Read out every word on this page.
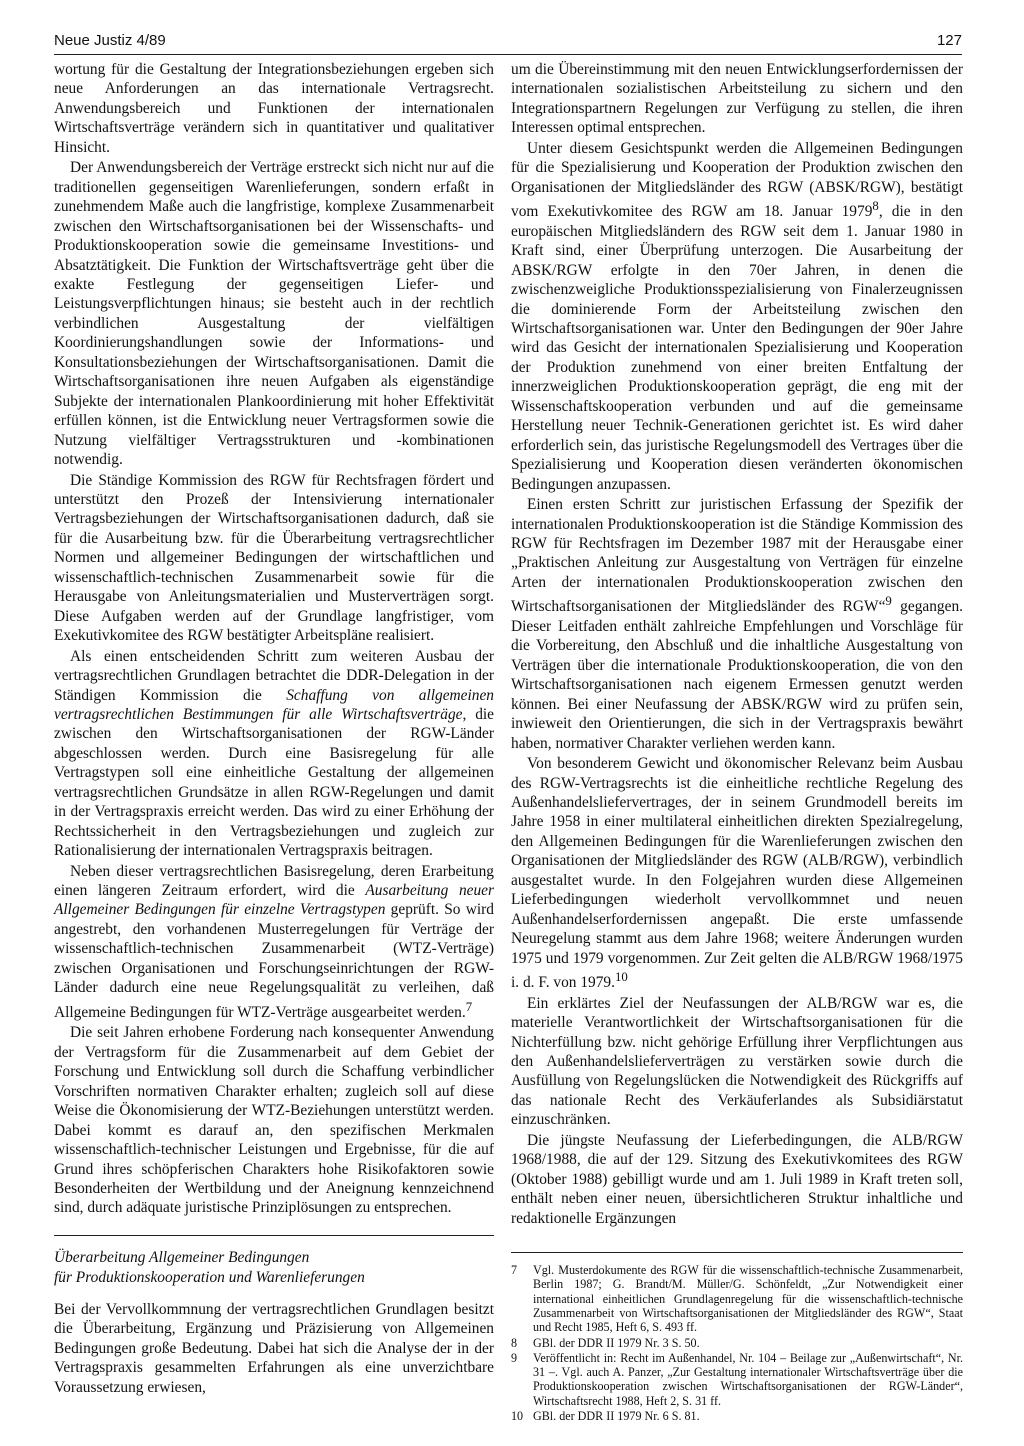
Neue Justiz 4/89	127

wortung für die Gestaltung der Integrationsbeziehungen ergeben sich neue Anforderungen an das internationale Vertragsrecht. Anwendungsbereich und Funktionen der internationalen Wirtschaftsverträge verändern sich in quantitativer und qualitativer Hinsicht.

Der Anwendungsbereich der Verträge erstreckt sich nicht nur auf die traditionellen gegenseitigen Warenlieferungen, sondern erfaßt in zunehmendem Maße auch die langfristige, komplexe Zusammenarbeit zwischen den Wirtschaftsorganisationen bei der Wissenschafts- und Produktionskooperation sowie die gemeinsame Investitions- und Absatztätigkeit. Die Funktion der Wirtschaftsverträge geht über die exakte Festlegung der gegenseitigen Liefer- und Leistungsverpflichtungen hinaus; sie besteht auch in der rechtlich verbindlichen Ausgestaltung der vielfältigen Koordinierungshandlungen sowie der Informations- und Konsultationsbeziehungen der Wirtschaftsorganisationen. Damit die Wirtschaftsorganisationen ihre neuen Aufgaben als eigenständige Subjekte der internationalen Plankoordinierung mit hoher Effektivität erfüllen können, ist die Entwicklung neuer Vertragsformen sowie die Nutzung vielfältiger Vertragsstrukturen und -kombinationen notwendig.

Die Ständige Kommission des RGW für Rechtsfragen fördert und unterstützt den Prozeß der Intensivierung internationaler Vertragsbeziehungen der Wirtschaftsorganisationen dadurch, daß sie für die Ausarbeitung bzw. für die Überarbeitung vertragsrechtlicher Normen und allgemeiner Bedingungen der wirtschaftlichen und wissenschaftlich-technischen Zusammenarbeit sowie für die Herausgabe von Anleitungsmaterialien und Musterverträgen sorgt. Diese Aufgaben werden auf der Grundlage langfristiger, vom Exekutivkomitee des RGW bestätigter Arbeitspläne realisiert.

Als einen entscheidenden Schritt zum weiteren Ausbau der vertragsrechtlichen Grundlagen betrachtet die DDR-Delegation in der Ständigen Kommission die Schaffung von allgemeinen vertragsrechtlichen Bestimmungen für alle Wirtschaftsverträge, die zwischen den Wirtschaftsorganisationen der RGW-Länder abgeschlossen werden. Durch eine Basisregelung für alle Vertragstypen soll eine einheitliche Gestaltung der allgemeinen vertragsrechtlichen Grundsätze in allen RGW-Regelungen und damit in der Vertragspraxis erreicht werden. Das wird zu einer Erhöhung der Rechtssicherheit in den Vertragsbeziehungen und zugleich zur Rationalisierung der internationalen Vertragspraxis beitragen.

Neben dieser vertragsrechtlichen Basisregelung, deren Erarbeitung einen längeren Zeitraum erfordert, wird die Ausarbeitung neuer Allgemeiner Bedingungen für einzelne Vertragstypen geprüft. So wird angestrebt, den vorhandenen Musterregelungen für Verträge der wissenschaftlich-technischen Zusammenarbeit (WTZ-Verträge) zwischen Organisationen und Forschungseinrichtungen der RGW-Länder dadurch eine neue Regelungsqualität zu verleihen, daß Allgemeine Bedingungen für WTZ-Verträge ausgearbeitet werden.$^7$

Die seit Jahren erhobene Forderung nach konsequenter Anwendung der Vertragsform für die Zusammenarbeit auf dem Gebiet der Forschung und Entwicklung soll durch die Schaffung verbindlicher Vorschriften normativen Charakter erhalten; zugleich soll auf diese Weise die Ökonomisierung der WTZ-Beziehungen unterstützt werden. Dabei kommt es darauf an, den spezifischen Merkmalen wissenschaftlich-technischer Leistungen und Ergebnisse, für die auf Grund ihres schöpferischen Charakters hohe Risikofaktoren sowie Besonderheiten der Wertbildung und der Aneignung kennzeichnend sind, durch adäquate juristische Prinziplösungen zu entsprechen.

Überarbeitung Allgemeiner Bedingungen
für Produktionskooperation und Warenlieferungen

Bei der Vervollkommnung der vertragsrechtlichen Grundlagen besitzt die Überarbeitung, Ergänzung und Präzisierung von Allgemeinen Bedingungen große Bedeutung. Dabei hat sich die Analyse der in der Vertragspraxis gesammelten Erfahrungen als eine unverzichtbare Voraussetzung erwiesen,

um die Übereinstimmung mit den neuen Entwicklungserfordernissen der internationalen sozialistischen Arbeitsteilung zu sichern und den Integrationspartnern Regelungen zur Verfügung zu stellen, die ihren Interessen optimal entsprechen.

Unter diesem Gesichtspunkt werden die Allgemeinen Bedingungen für die Spezialisierung und Kooperation der Produktion zwischen den Organisationen der Mitgliedsländer des RGW (ABSK/RGW), bestätigt vom Exekutivkomitee des RGW am 18. Januar 1979$^8$, die in den europäischen Mitgliedsländern des RGW seit dem 1. Januar 1980 in Kraft sind, einer Überprüfung unterzogen. Die Ausarbeitung der ABSK/RGW erfolgte in den 70er Jahren, in denen die zwischenzweigliche Produktionsspezialisierung von Finalerzeugnissen die dominierende Form der Arbeitsteilung zwischen den Wirtschaftsorganisationen war. Unter den Bedingungen der 90er Jahre wird das Gesicht der internationalen Spezialisierung und Kooperation der Produktion zunehmend von einer breiten Entfaltung der innerzweiglichen Produktionskooperation geprägt, die eng mit der Wissenschaftskooperation verbunden und auf die gemeinsame Herstellung neuer Technik-Generationen gerichtet ist. Es wird daher erforderlich sein, das juristische Regelungsmodell des Vertrages über die Spezialisierung und Kooperation diesen veränderten ökonomischen Bedingungen anzupassen.

Einen ersten Schritt zur juristischen Erfassung der Spezifik der internationalen Produktionskooperation ist die Ständige Kommission des RGW für Rechtsfragen im Dezember 1987 mit der Herausgabe einer „Praktischen Anleitung zur Ausgestaltung von Verträgen für einzelne Arten der internationalen Produktionskooperation zwischen den Wirtschaftsorganisationen der Mitgliedsländer des RGW“$^9$ gegangen. Dieser Leitfaden enthält zahlreiche Empfehlungen und Vorschläge für die Vorbereitung, den Abschluß und die inhaltliche Ausgestaltung von Verträgen über die internationale Produktionskooperation, die von den Wirtschaftsorganisationen nach eigenem Ermessen genutzt werden können. Bei einer Neufassung der ABSK/RGW wird zu prüfen sein, inwieweit den Orientierungen, die sich in der Vertragspraxis bewährt haben, normativer Charakter verliehen werden kann.

Von besonderem Gewicht und ökonomischer Relevanz beim Ausbau des RGW-Vertragsrechts ist die einheitliche rechtliche Regelung des Außenhandelsliefervertrages, der in seinem Grundmodell bereits im Jahre 1958 in einer multilateral einheitlichen direkten Spezialregelung, den Allgemeinen Bedingungen für die Warenlieferungen zwischen den Organisationen der Mitgliedsländer des RGW (ALB/RGW), verbindlich ausgestaltet wurde. In den Folgejahren wurden diese Allgemeinen Lieferbedingungen wiederholt vervollkommnet und neuen Außenhandelserfordernissen angepaßt. Die erste umfassende Neuregelung stammt aus dem Jahre 1968; weitere Änderungen wurden 1975 und 1979 vorgenommen. Zur Zeit gelten die ALB/RGW 1968/1975 i. d. F. von 1979.10

Ein erklärtes Ziel der Neufassungen der ALB/RGW war es, die materielle Verantwortlichkeit der Wirtschaftsorganisationen für die Nichterfüllung bzw. nicht gehörige Erfüllung ihrer Verpflichtungen aus den Außenhandelslieferverträgen zu verstärken sowie durch die Ausfüllung von Regelungslücken die Notwendigkeit des Rückgriffs auf das nationale Recht des Verkäuferlandes als Subsidiärstatut einzuschränken.

Die jüngste Neufassung der Lieferbedingungen, die ALB/RGW 1968/1988, die auf der 129. Sitzung des Exekutivkomitees des RGW (Oktober 1988) gebilligt wurde und am 1. Juli 1989 in Kraft treten soll, enthält neben einer neuen, übersichtlicheren Struktur inhaltliche und redaktionelle Ergänzungen

7	Vgl. Musterdokumente des RGW für die wissenschaftlich-technische Zusammenarbeit, Berlin 1987; G. Brandt/M. Müller/G. Schönfeldt, „Zur Notwendigkeit einer international einheitlichen Grundlagenregelung für die wissenschaftlich-technische Zusammenarbeit von Wirtschaftsorganisationen der Mitgliedsländer des RGW“, Staat und Recht 1985, Heft 6, S. 493 ff.
8	GBl. der DDR II 1979 Nr. 3 S. 50.
9	Veröffentlicht in: Recht im Außenhandel, Nr. 104 – Beilage zur „Außenwirtschaft“, Nr. 31 –. Vgl. auch A. Panzer, „Zur Gestaltung internationaler Wirtschaftsverträge über die Produktionskooperation zwischen Wirtschaftsorganisationen der RGW-Länder“, Wirtschaftsrecht 1988, Heft 2, S. 31 ff.
10 GBl. der DDR II 1979 Nr. 6 S. 81.
